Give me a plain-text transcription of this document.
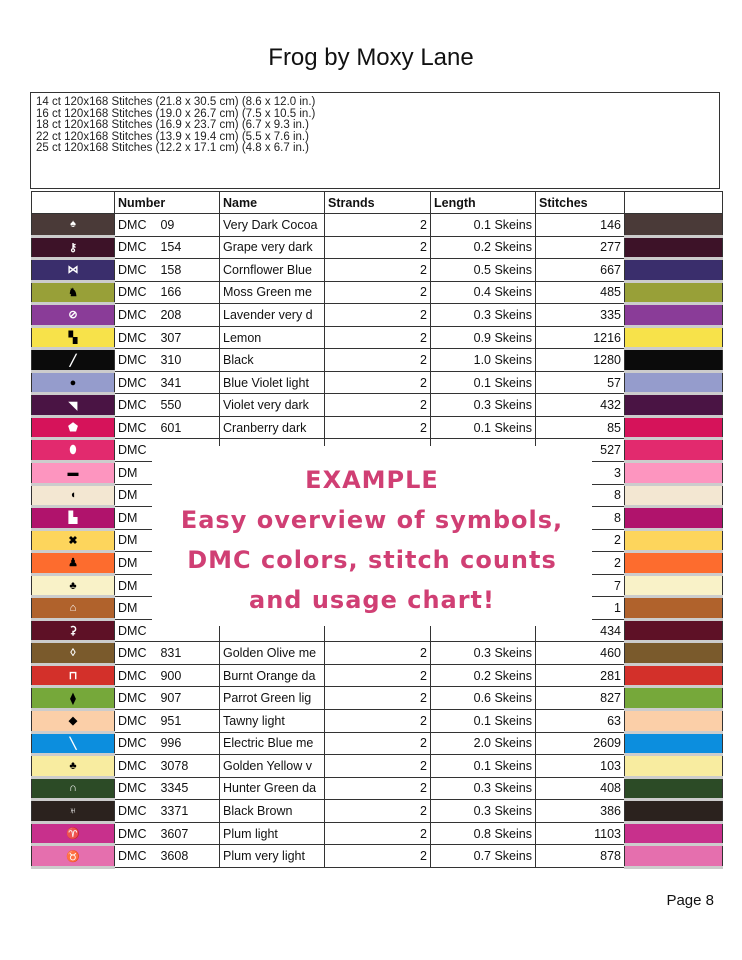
Frog by Moxy Lane
14 ct 120x168 Stitches (21.8 x 30.5 cm) (8.6 x 12.0 in.)
16 ct 120x168 Stitches (19.0 x 26.7 cm) (7.5 x 10.5 in.)
18 ct 120x168 Stitches (16.9 x 23.7 cm) (6.7 x 9.3 in.)
22 ct 120x168 Stitches (13.9 x 19.4 cm) (5.5 x 7.6 in.)
25 ct 120x168 Stitches (12.2 x 17.1 cm) (4.8 x 6.7 in.)
	Number	Name	Strands	Length	Stitches	
♠	DMC 09	Very Dark Cocoa	2	0.1 Skeins	146	
⚷	DMC 154	Grape very dark	2	0.2 Skeins	277	
⋈	DMC 158	Cornflower Blue	2	0.5 Skeins	667	
♞	DMC 166	Moss Green me	2	0.4 Skeins	485	
⊘	DMC 208	Lavender very d	2	0.3 Skeins	335	
▚	DMC 307	Lemon	2	0.9 Skeins	1216	
╱	DMC 310	Black	2	1.0 Skeins	1280	
●	DMC 341	Blue Violet light	2	0.1 Skeins	57	
◥	DMC 550	Violet very dark	2	0.3 Skeins	432	
⬟	DMC 601	Cranberry dark	2	0.1 Skeins	85	
⬮	DMC				527	
▬	DM				3	
◖	DM				8	
▙	DM				8	
✖	DM				2	
♟	DM				2	
♣	DM				7	
⌂	DM				1	
⚳	DMC				434	
◊	DMC 831	Golden Olive me	2	0.3 Skeins	460	
⊓	DMC 900	Burnt Orange da	2	0.2 Skeins	281	
⧫	DMC 907	Parrot Green lig	2	0.6 Skeins	827	
◆	DMC 951	Tawny light	2	0.1 Skeins	63	
╲	DMC 996	Electric Blue me	2	2.0 Skeins	2609	
♣	DMC 3078	Golden Yellow v	2	0.1 Skeins	103	
∩	DMC 3345	Hunter Green da	2	0.3 Skeins	408	
♅	DMC 3371	Black Brown	2	0.3 Skeins	386	
♈	DMC 3607	Plum light	2	0.8 Skeins	1103	
♉	DMC 3608	Plum very light	2	0.7 Skeins	878	
EXAMPLE
Easy overview of symbols,
DMC colors, stitch counts
and usage chart!
Page 8
